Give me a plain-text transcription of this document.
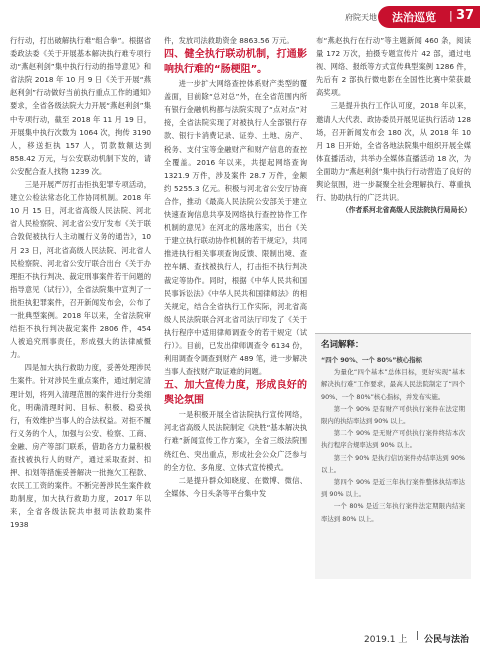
府院天地 法治巡览 | 37

行行动，打出破解执行难“组合拳”。根据省委政法委《关于开展基本解决执行难专项行动“燕赵利剑”集中执行行动的指导意见》和省法院 2018 年 10 月 9 日《关于开展“燕赵利剑”行动做好当前执行重点工作的通知》要求，全省各级法院大力开展“燕赵利剑”集中专项行动，截至 2018 年 11 月 19 日，开展集中执行次数为 1064 次，拘传 3190 人，移送拒执 157 人，罚款数额达到 858.42 万元，与公安联动机制下发的，请公安配合查人找物 1239 次。

三是开展严厉打击拒执犯罪专项活动，建立公检法常态化工作协同机制。2018 年 10 月 15 日，河北省高级人民法院、河北省人民检察院、河北省公安厅发布《关于联合敦促被执行人主动履行义务的通告》，10 月 23 日，河北省高级人民法院、河北省人民检察院、河北省公安厅联合出台《关于办理拒不执行判决、裁定刑事案件若干问题的指导意见（试行）》，全省法院集中宣判了一批拒执犯罪案件，召开新闻发布会，公布了一批典型案例。2018 年以来，全省法院审结拒不执行判决裁定案件 2806 件，454 人被追究刑事责任，形成强大的法律威慑力。

四是加大执行救助力度，妥善处理涉民生案件。针对涉民生重点案件，通过制定清理计划，将列入清理范围的案件进行分类细化，明确清理时间、目标、积极、稳妥执行，有效维护当事人的合法权益。对拒不履行义务的个人，加强与公安、检察、工商、金融、房产等部门联系，借助各方力量积极查找被执行人的财产，通过采取查封、扣押、扣划等措施妥善解决一批拖欠工程款、农民工工资的案件。不断完善涉民生案件救助制度，加大执行救助力度，2017 年以来，全省各级法院共申报司法救助案件 1938

件，发放司法救助资金 8863.56 万元。

四、健全执行联动机制，打通影响执行难的“肠梗阻”。

进一步扩大网络查控体系财产类型的覆盖面，目前除“总对总”外，在全省范围内所有银行金融机构都与法院实现了“点对点”对接，全省法院实现了对被执行人全部银行存款、银行卡消费记录、证券、土地、房产、税务、支付宝等金融财产和财产信息的查控全覆盖。2016 年以来，共提起网络查询 1321.9 万件，涉及案件 28.7 万件，金额约 5255.3 亿元。积极与河北省公安厅协商合作，推动《最高人民法院公安部关于建立快速查询信息共享及网络执行查控协作工作机制的意见》在河北的落地落实，出台《关于建立执行联动协作机制的若干规定》，共同推进执行相关事项查询反馈、限制出境、查控车辆、查找被执行人，打击拒不执行判决裁定等协作。同时，根据《中华人民共和国民事诉讼法》《中华人民共和国律师法》的相关规定，结合全省执行工作实际，河北省高级人民法院联合河北省司法厅印发了《关于执行程序中适用律师调查令的若干规定（试行）》。目前，已发出律师调查令 6134 份，利用调查令调查到财产 489 笔，进一步解决当事人查找财产取证难的问题。

五、加大宣传力度，形成良好的舆论氛围

一是积极开展全省法院执行宣传网络，河北省高级人民法院制定《决胜“基本解决执行难”新闻宣传工作方案》，全省三级法院围绕红色、突出重点，形成社会公众广泛参与的全方位、多角度、立体式宣传模式。

二是提升群众知晓度、在微博、微信、全媒体、今日头条等平台集中发

布“燕赵执行在行动”等主题新闻 460 条，阅读量 172 万次，拍摄专题宣传片 42 部，通过电视、网络、报纸等方式宣传典型案例 1286 件，先后有 2 部执行微电影在全国性比赛中荣获最高奖项。

三是提升执行工作认可度，2018 年以来，邀请人大代表、政协委员开展见证执行活动 128 场，召开新闻发布会 180 次，从 2018 年 10 月 18 日开始，全省各地法院集中组织开展全媒体直播活动，共举办全媒体直播活动 18 次，为全面助力“燕赵利剑”集中执行行动营造了良好的舆论氛围，进一步凝聚全社会理解执行、尊重执行、协助执行的广泛共识。

（作者系河北省高级人民法院执行局局长）

名词解释：

“四个 90%、一个 80%”核心指标

为量化“四个基本”总体目标，更好实现“基本解决执行难”工作要求，最高人民法院制定了“四个 90%、一个 80%”核心指标，并发布实施。

第一个 90% 是有财产可供执行案件在法定期限内的执结率达到 90% 以上。

第二个 90% 是无财产可供执行案件终结本次执行程序合规率达到 90% 以上。

第三个 90% 是执行信访案件办结率达到 90% 以上。

第四个 90% 是近三年执行案件整体执结率达到 90% 以上。

一个 80% 是近三年执行案件法定期限内结案率达到 80% 以上。

2019.1 上 | 公民与法治
